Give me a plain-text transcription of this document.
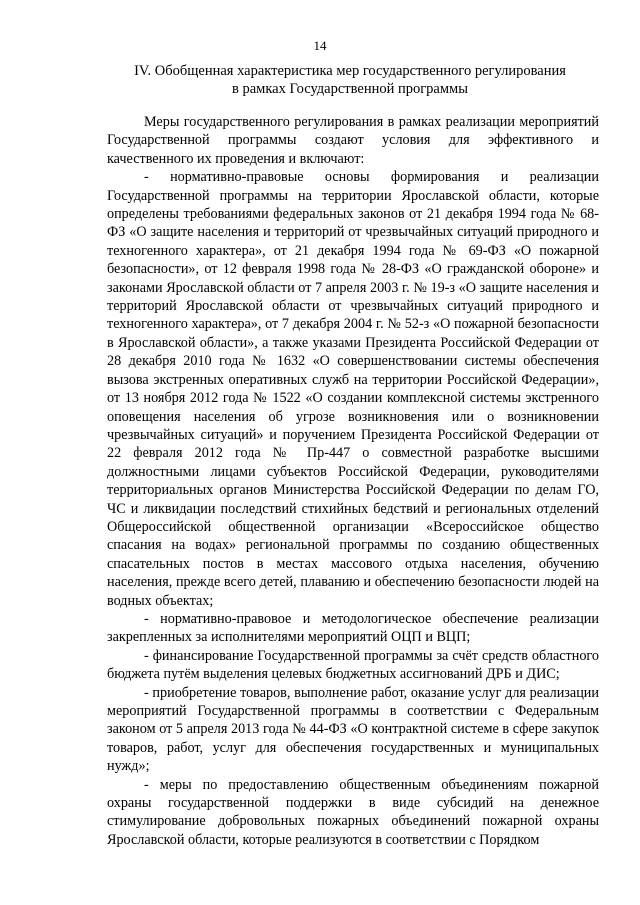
14
IV. Обобщенная характеристика мер государственного регулирования
в рамках Государственной программы

Меры государственного регулирования в рамках реализации мероприятий Государственной программы создают условия для эффективного и качественного их проведения и включают:

- нормативно-правовые основы формирования и реализации Государственной программы на территории Ярославской области, которые определены требованиями федеральных законов от 21 декабря 1994 года № 68-ФЗ «О защите населения и территорий от чрезвычайных ситуаций природного и техногенного характера», от 21 декабря 1994 года № 69-ФЗ «О пожарной безопасности», от 12 февраля 1998 года № 28-ФЗ «О гражданской обороне» и законами Ярославской области от 7 апреля 2003 г. № 19-з «О защите населения и территорий Ярославской области от чрезвычайных ситуаций природного и техногенного характера», от 7 декабря 2004 г. № 52-з «О пожарной безопасности в Ярославской области», а также указами Президента Российской Федерации от 28 декабря 2010 года № 1632 «О совершенствовании системы обеспечения вызова экстренных оперативных служб на территории Российской Федерации», от 13 ноября 2012 года № 1522 «О создании комплексной системы экстренного оповещения населения об угрозе возникновения или о возникновении чрезвычайных ситуаций» и поручением Президента Российской Федерации от 22 февраля 2012 года № Пр-447 о совместной разработке высшими должностными лицами субъектов Российской Федерации, руководителями территориальных органов Министерства Российской Федерации по делам ГО, ЧС и ликвидации последствий стихийных бедствий и региональных отделений Общероссийской общественной организации «Всероссийское общество спасания на водах» региональной программы по созданию общественных спасательных постов в местах массового отдыха населения, обучению населения, прежде всего детей, плаванию и обеспечению безопасности людей на водных объектах;

- нормативно-правовое и методологическое обеспечение реализации закрепленных за исполнителями мероприятий ОЦП и ВЦП;

- финансирование Государственной программы за счёт средств областного бюджета путём выделения целевых бюджетных ассигнований ДРБ и ДИС;

- приобретение товаров, выполнение работ, оказание услуг для реализации мероприятий Государственной программы в соответствии с Федеральным законом от 5 апреля 2013 года № 44-ФЗ «О контрактной системе в сфере закупок товаров, работ, услуг для обеспечения государственных и муниципальных нужд»;

- меры по предоставлению общественным объединениям пожарной охраны государственной поддержки в виде субсидий на денежное стимулирование добровольных пожарных объединений пожарной охраны Ярославской области, которые реализуются в соответствии с Порядком
